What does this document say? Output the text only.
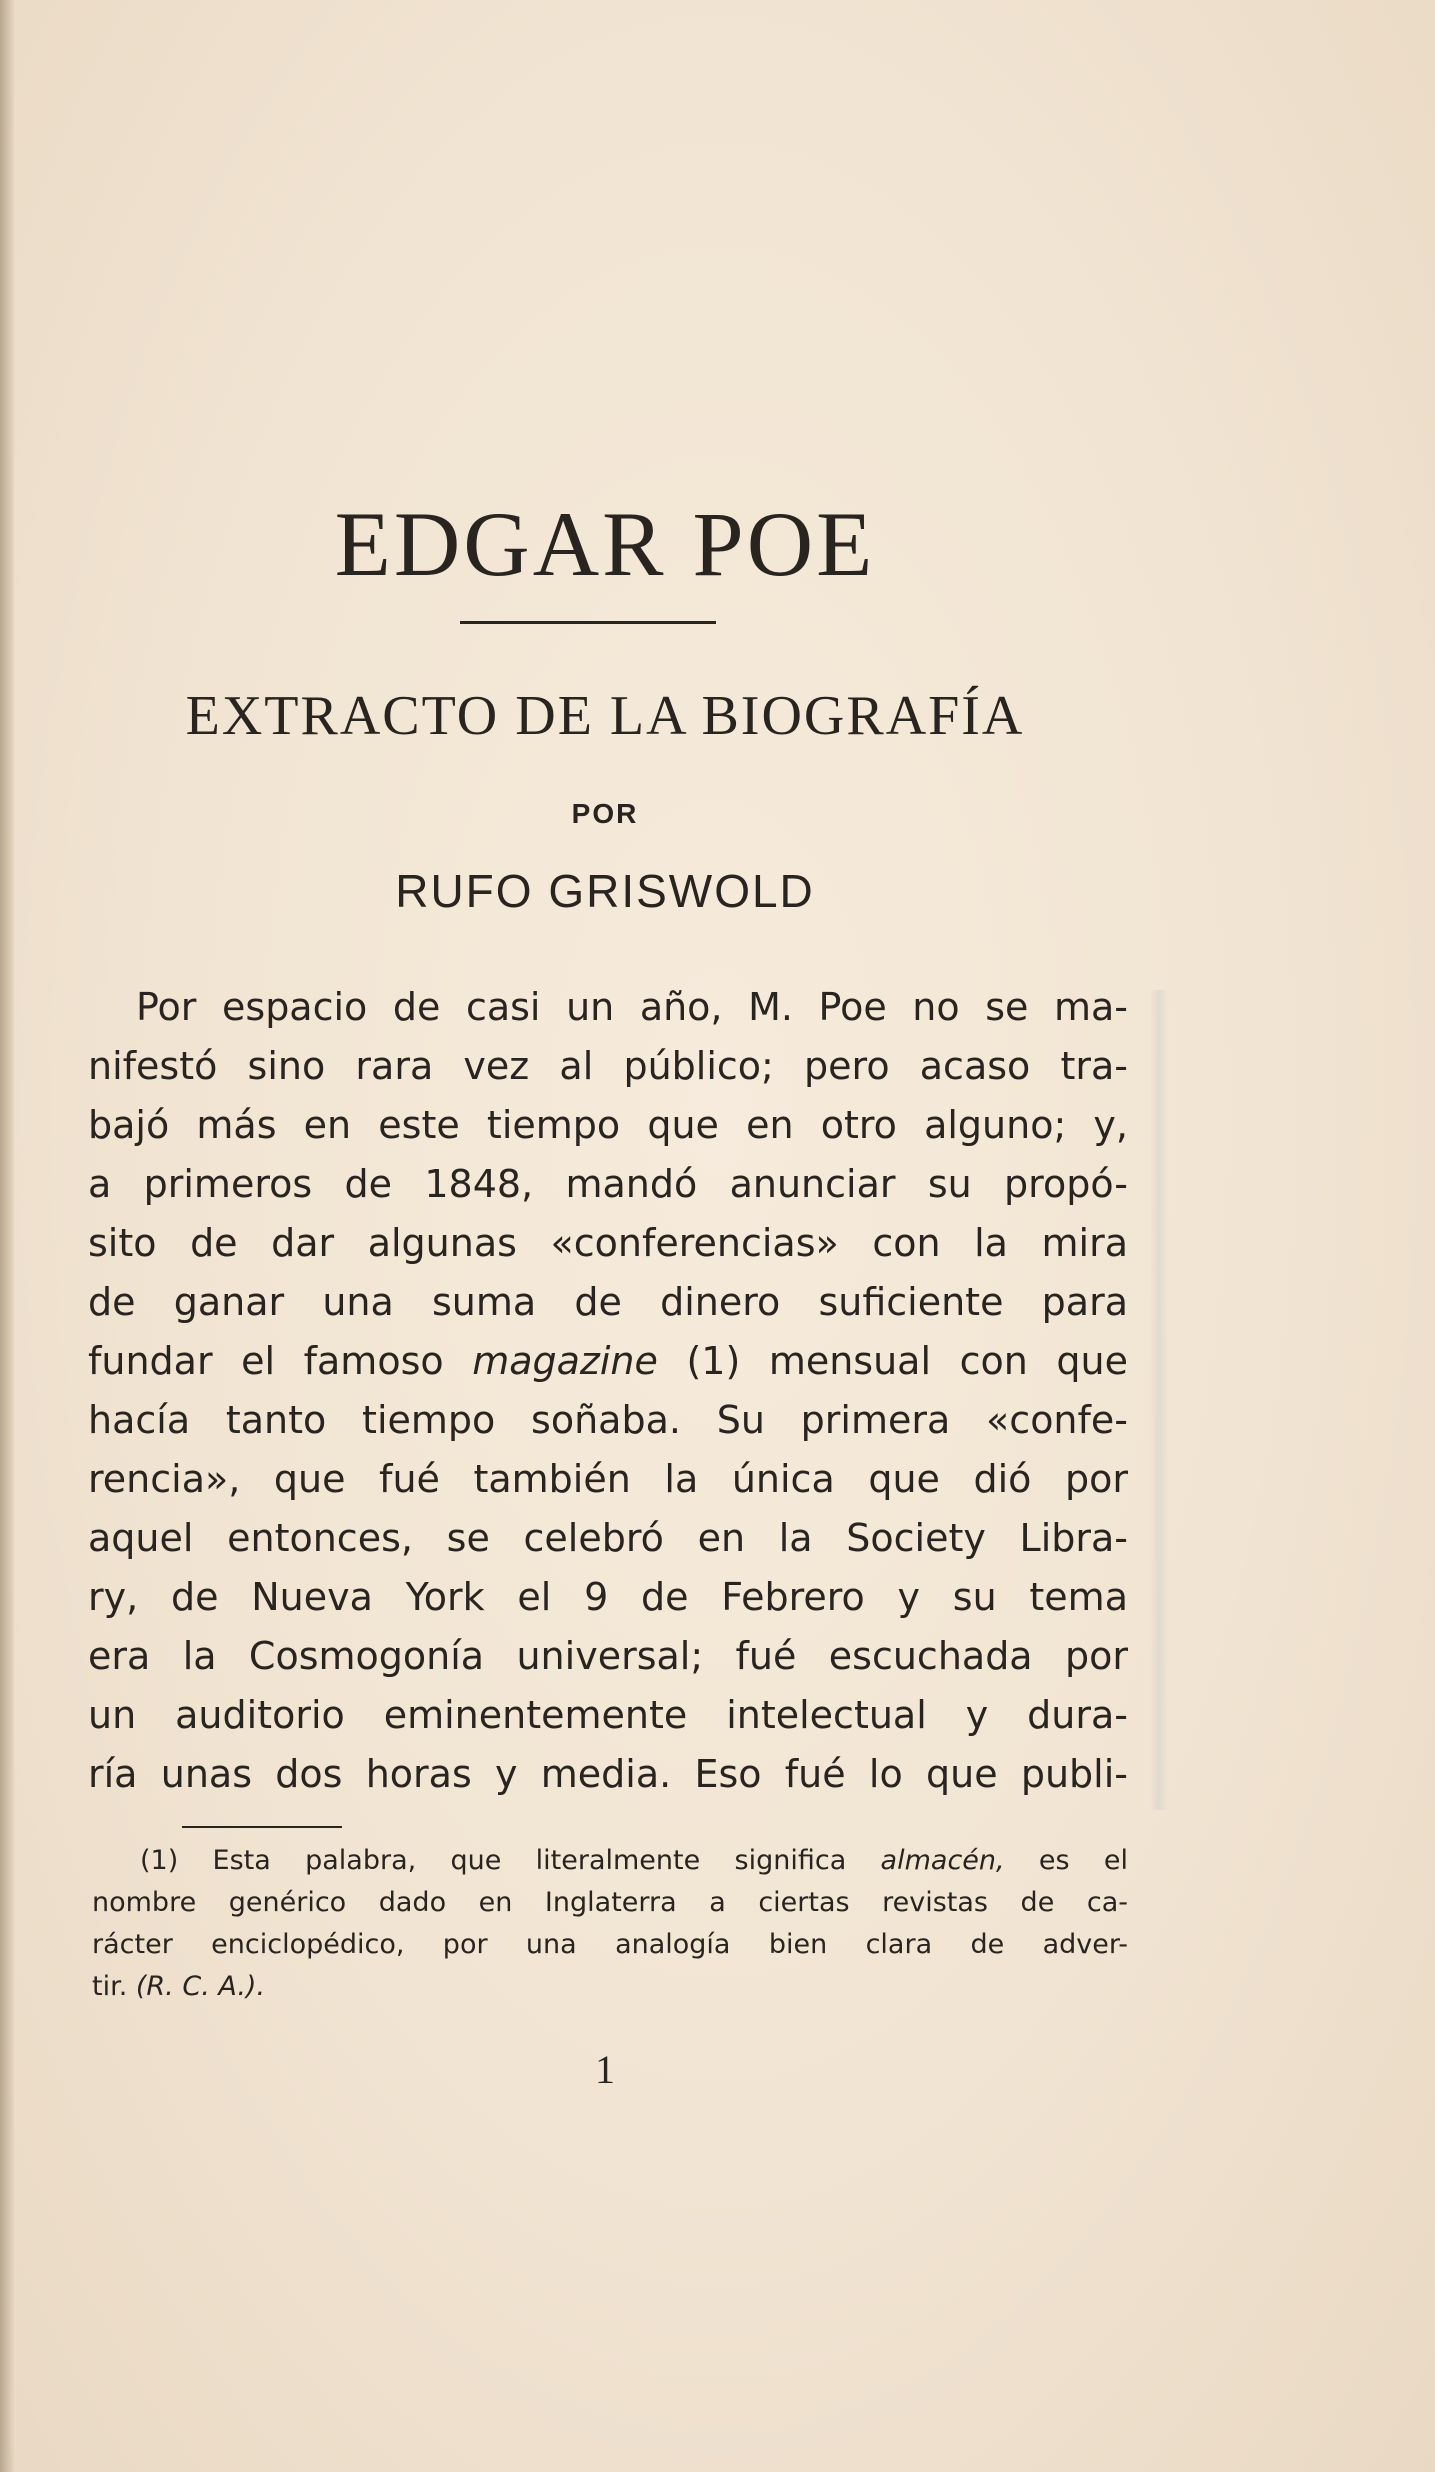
EDGAR POE
EXTRACTO DE LA BIOGRAFÍA
POR
RUFO GRISWOLD
Por espacio de casi un año, M. Poe no se ma-
nifestó sino rara vez al público; pero acaso tra-
bajó más en este tiempo que en otro alguno; y,
a primeros de 1848, mandó anunciar su propó-
sito de dar algunas «conferencias» con la mira
de ganar una suma de dinero suficiente para
fundar el famoso magazine (1) mensual con que
hacía tanto tiempo soñaba. Su primera «confe-
rencia», que fué también la única que dió por
aquel entonces, se celebró en la Society Libra-
ry, de Nueva York el 9 de Febrero y su tema
era la Cosmogonía universal; fué escuchada por
un auditorio eminentemente intelectual y dura-
ría unas dos horas y media. Eso fué lo que publi-
(1) Esta palabra, que literalmente significa almacén, es el
nombre genérico dado en Inglaterra a ciertas revistas de ca-
rácter enciclopédico, por una analogía bien clara de adver-
tir. (R. C. A.).
1
